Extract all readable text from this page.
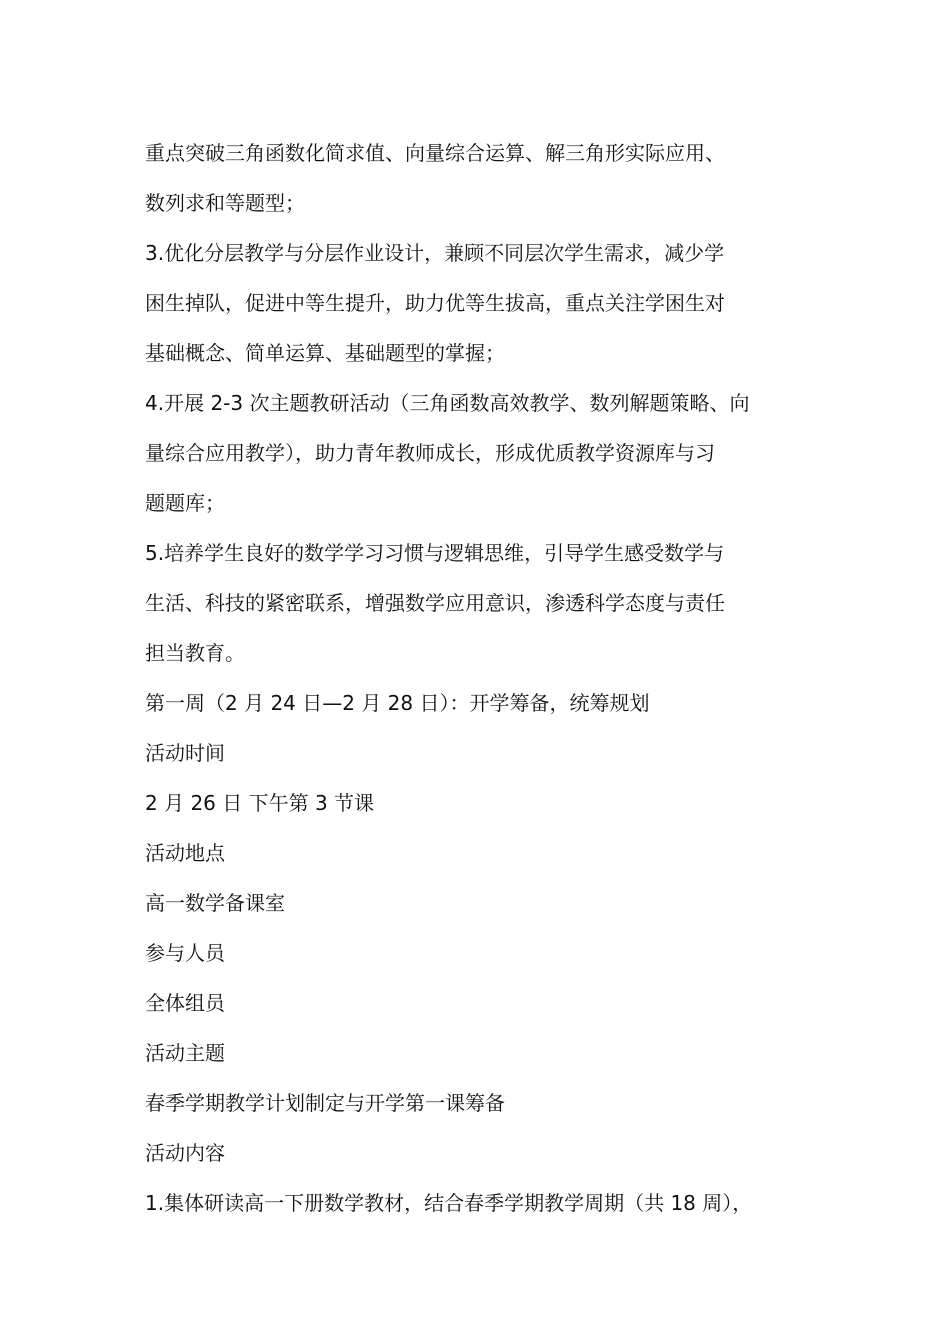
重点突破三角函数化简求值、向量综合运算、解三角形实际应用、
数列求和等题型；
3.优化分层教学与分层作业设计，兼顾不同层次学生需求，减少学
困生掉队，促进中等生提升，助力优等生拔高，重点关注学困生对
基础概念、简单运算、基础题型的掌握；
4.开展 2-3 次主题教研活动（三角函数高效教学、数列解题策略、向
量综合应用教学），助力青年教师成长，形成优质教学资源库与习
题题库；
5.培养学生良好的数学学习习惯与逻辑思维，引导学生感受数学与
生活、科技的紧密联系，增强数学应用意识，渗透科学态度与责任
担当教育。
第一周（2 月 24 日—2 月 28 日）：开学筹备，统筹规划
活动时间
2 月 26 日 下午第 3 节课
活动地点
高一数学备课室
参与人员
全体组员
活动主题
春季学期教学计划制定与开学第一课筹备
活动内容
1.集体研读高一下册数学教材，结合春季学期教学周期（共 18 周），
